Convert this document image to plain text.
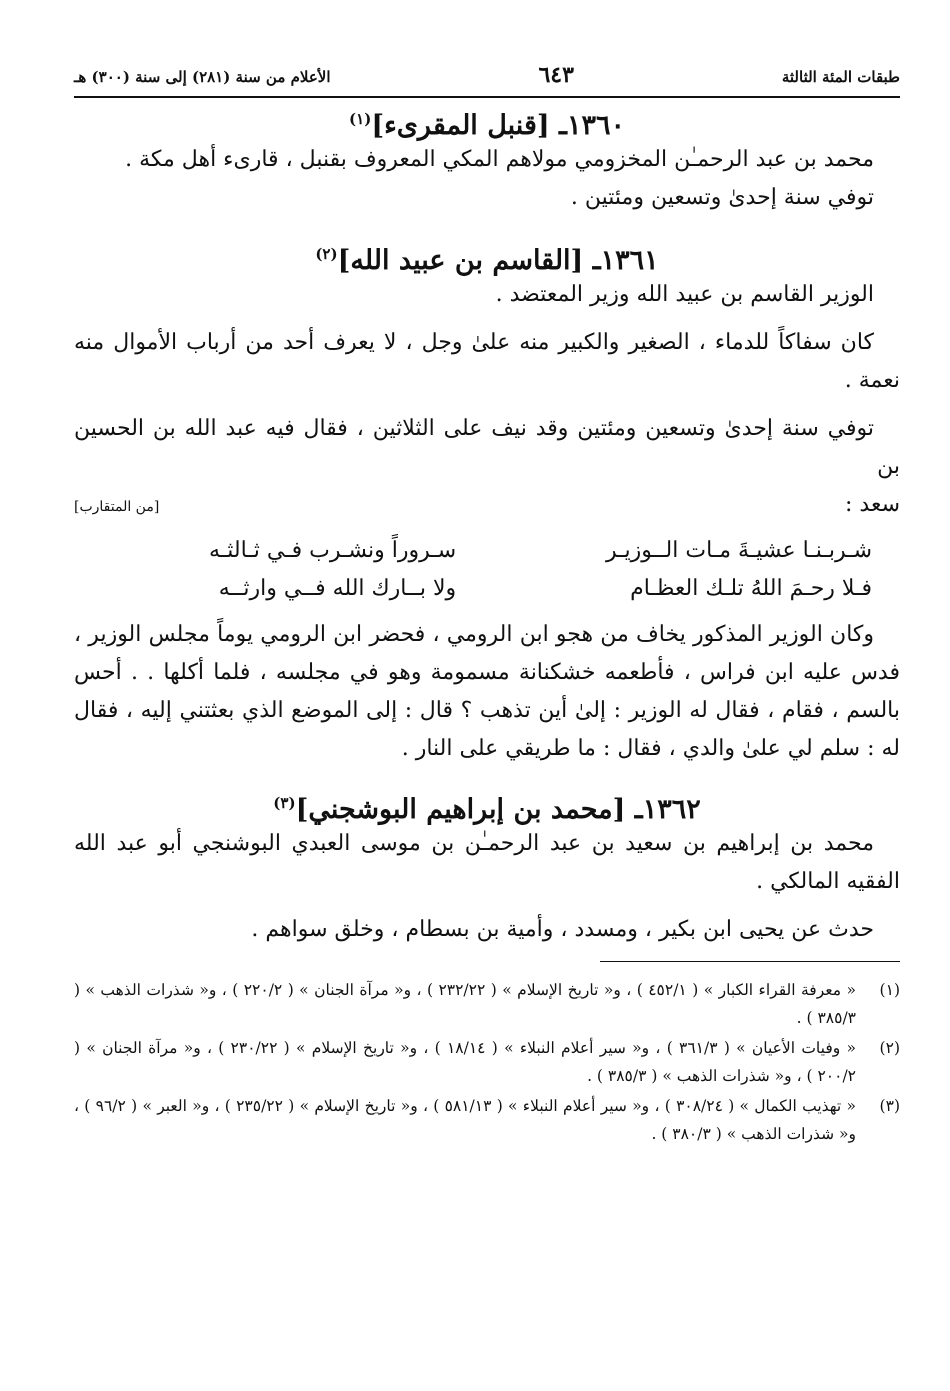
طبقات المئة الثالثة
٦٤٣
الأعلام من سنة (٢٨١) إلى سنة (٣٠٠) هـ
١٣٦٠ـ [قنبل المقرىء]$^{(١)}$

محمد بن عبد الرحمـٰن المخزومي مولاهم المكي المعروف بقنبل ، قارىء أهل مكة .

توفي سنة إحدىٰ وتسعين ومئتين .

١٣٦١ـ [القاسم بن عبيد الله]$^{(٢)}$

الوزير القاسم بن عبيد الله وزير المعتضد .

كان سفاكاً للدماء ، الصغير والكبير منه علىٰ وجل ، لا يعرف أحد من أرباب الأموال منه نعمة .

توفي سنة إحدىٰ وتسعين ومئتين وقد نيف على الثلاثين ، فقال فيه عبد الله بن الحسين بن

سعد :
[من المتقارب]
شـربـنـا عشيـةَ مـات الــوزيـر
سـروراً ونشـرب فـي ثـالثـه
فـلا رحـمَ اللهُ تلـك العظـام
ولا بــارك الله فــي وارثــه

وكان الوزير المذكور يخاف من هجو ابن الرومي ، فحضر ابن الرومي يوماً مجلس الوزير ، فدس عليه ابن فراس ، فأطعمه خشكنانة مسمومة وهو في مجلسه ، فلما أكلها . . أحس بالسم ، فقام ، فقال له الوزير : إلىٰ أين تذهب ؟ قال : إلى الموضع الذي بعثتني إليه ، فقال له : سلم لي علىٰ والدي ، فقال : ما طريقي على النار .

١٣٦٢ـ [محمد بن إبراهيم البوشجني]$^{(٣)}$

محمد بن إبراهيم بن سعيد بن عبد الرحمـٰن بن موسى العبدي البوشنجي أبو عبد الله الفقيه المالكي .

حدث عن يحيى ابن بكير ، ومسدد ، وأمية بن بسطام ، وخلق سواهم .

(١)
« معرفة القراء الكبار » ( ٤٥٢/١ ) ، و« تاريخ الإسلام » ( ٢٣٢/٢٢ ) ، و« مرآة الجنان » ( ٢٢٠/٢ ) ، و« شذرات الذهب » ( ٣٨٥/٣ ) .
(٢)
« وفيات الأعيان » ( ٣٦١/٣ ) ، و« سير أعلام النبلاء » ( ١٨/١٤ ) ، و« تاريخ الإسلام » ( ٢٣٠/٢٢ ) ، و« مرآة الجنان » ( ٢٠٠/٢ ) ، و« شذرات الذهب » ( ٣٨٥/٣ ) .
(٣)
« تهذيب الكمال » ( ٣٠٨/٢٤ ) ، و« سير أعلام النبلاء » ( ٥٨١/١٣ ) ، و« تاريخ الإسلام » ( ٢٣٥/٢٢ ) ، و« العبر » ( ٩٦/٢ ) ، و« شذرات الذهب » ( ٣٨٠/٣ ) .
